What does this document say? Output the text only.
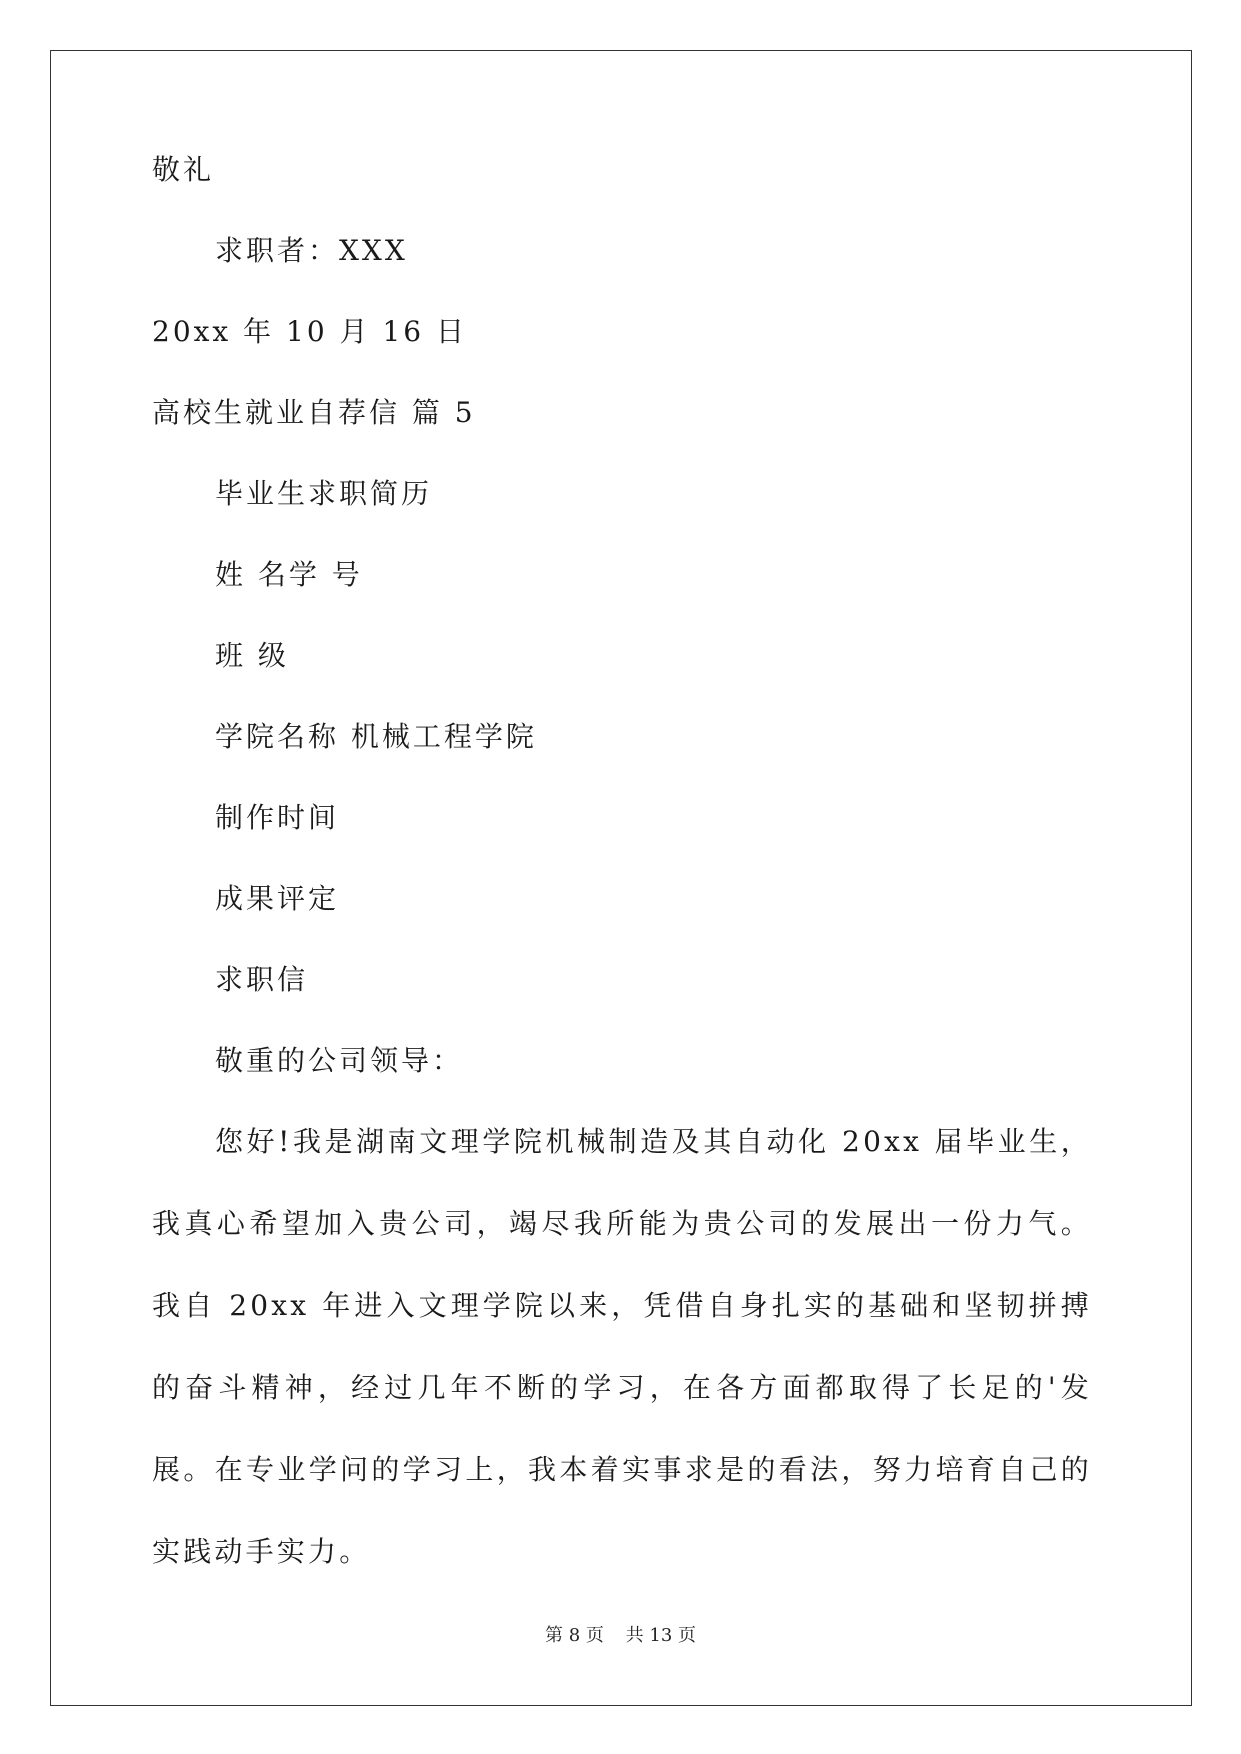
敬礼
求职者：XXX
20xx 年 10 月 16 日
高校生就业自荐信 篇 5
毕业生求职简历
姓 名学 号
班 级
学院名称 机械工程学院
制作时间
成果评定
求职信
敬重的公司领导：
您好!我是湖南文理学院机械制造及其自动化 20xx 届毕业生，我真心希望加入贵公司，竭尽我所能为贵公司的发展出一份力气。 我自 20xx 年进入文理学院以来，凭借自身扎实的基础和坚韧拼搏的奋斗精神，经过几年不断的学习，在各方面都取得了长足的'发展。在专业学问的学习上，我本着实事求是的看法，努力培育自己的实践动手实力。
第 8 页 共 13 页
